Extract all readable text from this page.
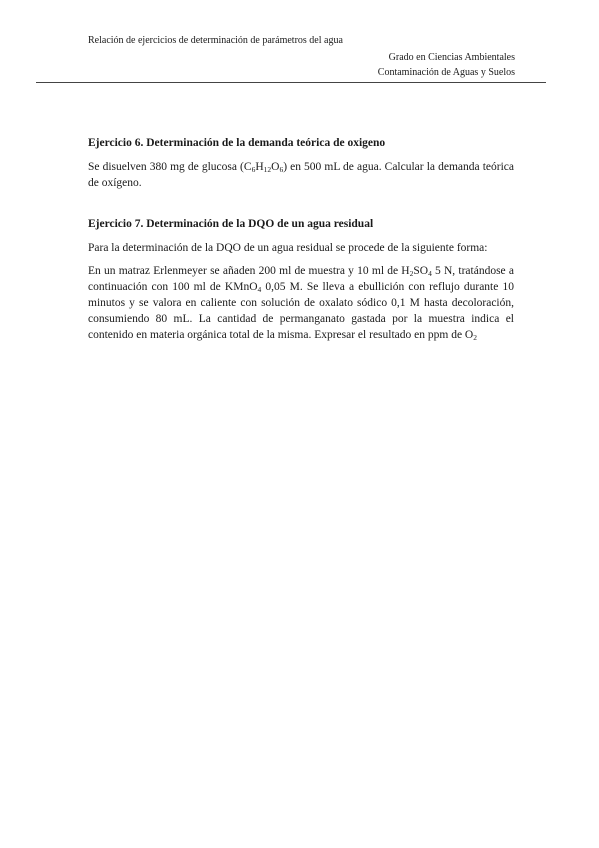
Relación de ejercicios de determinación de parámetros del agua
Grado en Ciencias Ambientales
Contaminación de Aguas y Suelos
Ejercicio 6. Determinación de la demanda teórica de oxigeno

Se disuelven 380 mg de glucosa $(C_6H_{12}O_6)$ en 500 mL de agua. Calcular la demanda teórica de oxígeno.

Ejercicio 7. Determinación de la DQO de un agua residual

Para la determinación de la DQO de un agua residual se procede de la siguiente forma:

En un matraz Erlenmeyer se añaden 200 ml de muestra y 10 ml de $H_2SO_4$ 5 N, tratándose a continuación con 100 ml de KMnO$_4$ 0,05 M. Se lleva a ebullición con reflujo durante 10 minutos y se valora en caliente con solución de oxalato sódico 0,1 M hasta decoloración, consumiendo 80 mL. La cantidad de permanganato gastada por la muestra indica el contenido en materia orgánica total de la misma. Expresar el resultado en ppm de $O_2$
